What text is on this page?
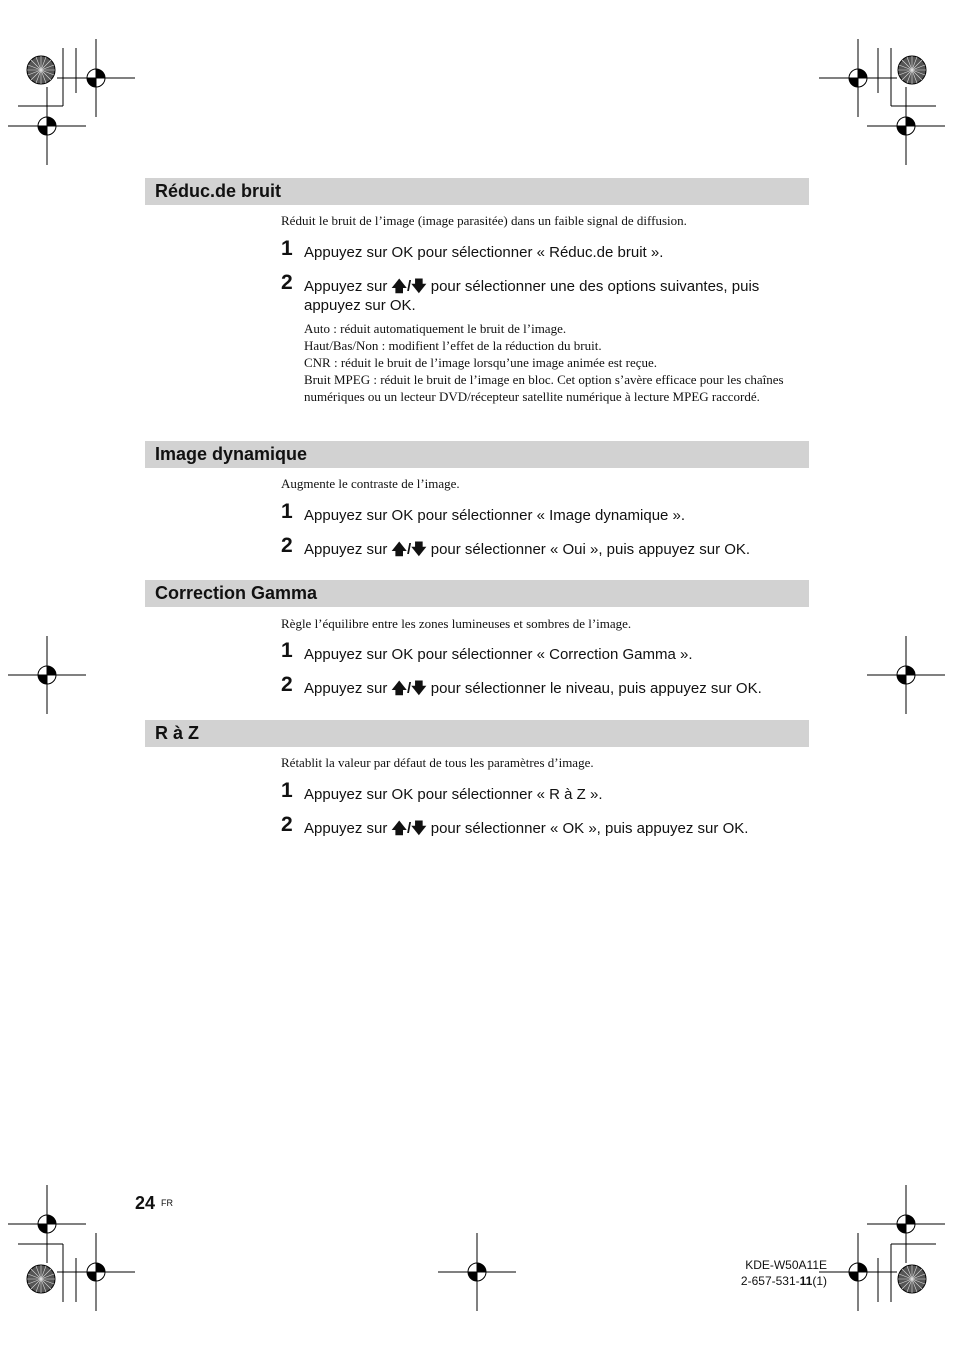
Réduc.de bruit
Réduit le bruit de l’image (image parasitée) dans un faible signal de diffusion.
1 Appuyez sur OK pour sélectionner « Réduc.de bruit ».
2 Appuyez sur 🡅/🡇 pour sélectionner une des options suivantes, puis appuyez sur OK.
Auto : réduit automatiquement le bruit de l’image.
Haut/Bas/Non : modifient l’effet de la réduction du bruit.
CNR : réduit le bruit de l’image lorsqu’une image animée est reçue.
Bruit MPEG : réduit le bruit de l’image en bloc. Cet option s’avère efficace pour les chaînes numériques ou un lecteur DVD/récepteur satellite numérique à lecture MPEG raccordé.
Image dynamique
Augmente le contraste de l’image.
1 Appuyez sur OK pour sélectionner « Image dynamique ».
2 Appuyez sur 🡅/🡇 pour sélectionner « Oui », puis appuyez sur OK.
Correction Gamma
Règle l’équilibre entre les zones lumineuses et sombres de l’image.
1 Appuyez sur OK pour sélectionner « Correction Gamma ».
2 Appuyez sur 🡅/🡇 pour sélectionner le niveau, puis appuyez sur OK.
R à Z
Rétablit la valeur par défaut de tous les paramètres d’image.
1 Appuyez sur OK pour sélectionner « R à Z ».
2 Appuyez sur 🡅/🡇 pour sélectionner « OK », puis appuyez sur OK.
24 FR
KDE-W50A11E
2-657-531-11(1)
